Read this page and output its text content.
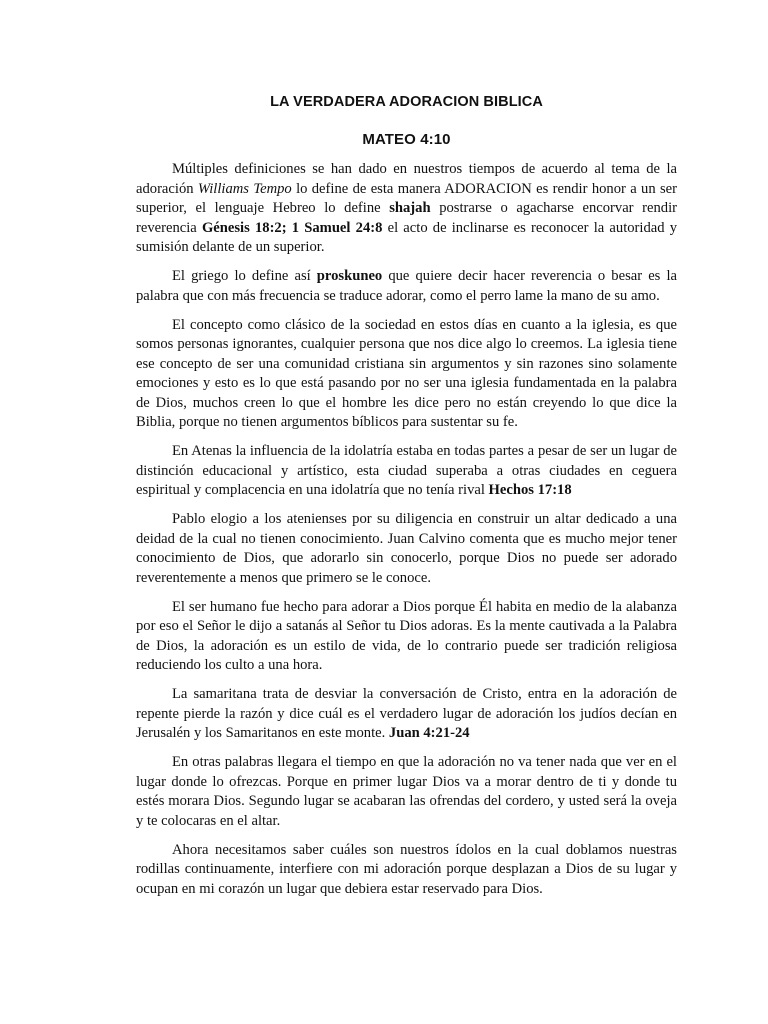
LA VERDADERA ADORACION BIBLICA
MATEO 4:10

Múltiples definiciones se han dado en nuestros tiempos de acuerdo al tema de la adoración Williams Tempo lo define de esta manera ADORACION es rendir honor a un ser superior, el lenguaje Hebreo lo define shajah postrarse o agacharse encorvar rendir reverencia Génesis 18:2; 1 Samuel 24:8 el acto de inclinarse es reconocer la autoridad y sumisión delante de un superior.

El griego lo define así proskuneo que quiere decir hacer reverencia o besar es la palabra que con más frecuencia se traduce adorar, como el perro lame la mano de su amo.

El concepto como clásico de la sociedad en estos días en cuanto a la iglesia, es que somos personas ignorantes, cualquier persona que nos dice algo lo creemos. La iglesia tiene ese concepto de ser una comunidad cristiana sin argumentos y sin razones sino solamente emociones y esto es lo que está pasando por no ser una iglesia fundamentada en la palabra de Dios, muchos creen lo que el hombre les dice pero no están creyendo lo que dice la Biblia, porque no tienen argumentos bíblicos para sustentar su fe.

En Atenas la influencia de la idolatría estaba en todas partes a pesar de ser un lugar de distinción educacional y artístico, esta ciudad superaba a otras ciudades en ceguera espiritual y complacencia en una idolatría que no tenía rival Hechos 17:18

Pablo elogio a los atenienses por su diligencia en construir un altar dedicado a una deidad de la cual no tienen conocimiento. Juan Calvino comenta que es mucho mejor tener conocimiento de Dios, que adorarlo sin conocerlo, porque Dios no puede ser adorado reverentemente a menos que primero se le conoce.

El ser humano fue hecho para adorar a Dios porque Él habita en medio de la alabanza por eso el Señor le dijo a satanás al Señor tu Dios adoras. Es la mente cautivada a la Palabra de Dios, la adoración es un estilo de vida, de lo contrario puede ser tradición religiosa reduciendo los culto a una hora.

La samaritana trata de desviar la conversación de Cristo, entra en la adoración de repente pierde la razón y dice cuál es el verdadero lugar de adoración los judíos decían en Jerusalén y los Samaritanos en este monte. Juan 4:21-24

En otras palabras llegara el tiempo en que la adoración no va tener nada que ver en el lugar donde lo ofrezcas. Porque en primer lugar Dios va a morar dentro de ti y donde tu estés morara Dios. Segundo lugar se acabaran las ofrendas del cordero, y usted será la oveja y te colocaras en el altar.

Ahora necesitamos saber cuáles son nuestros ídolos en la cual doblamos nuestras rodillas continuamente, interfiere con mi adoración porque desplazan a Dios de su lugar y ocupan en mi corazón un lugar que debiera estar reservado para Dios.
